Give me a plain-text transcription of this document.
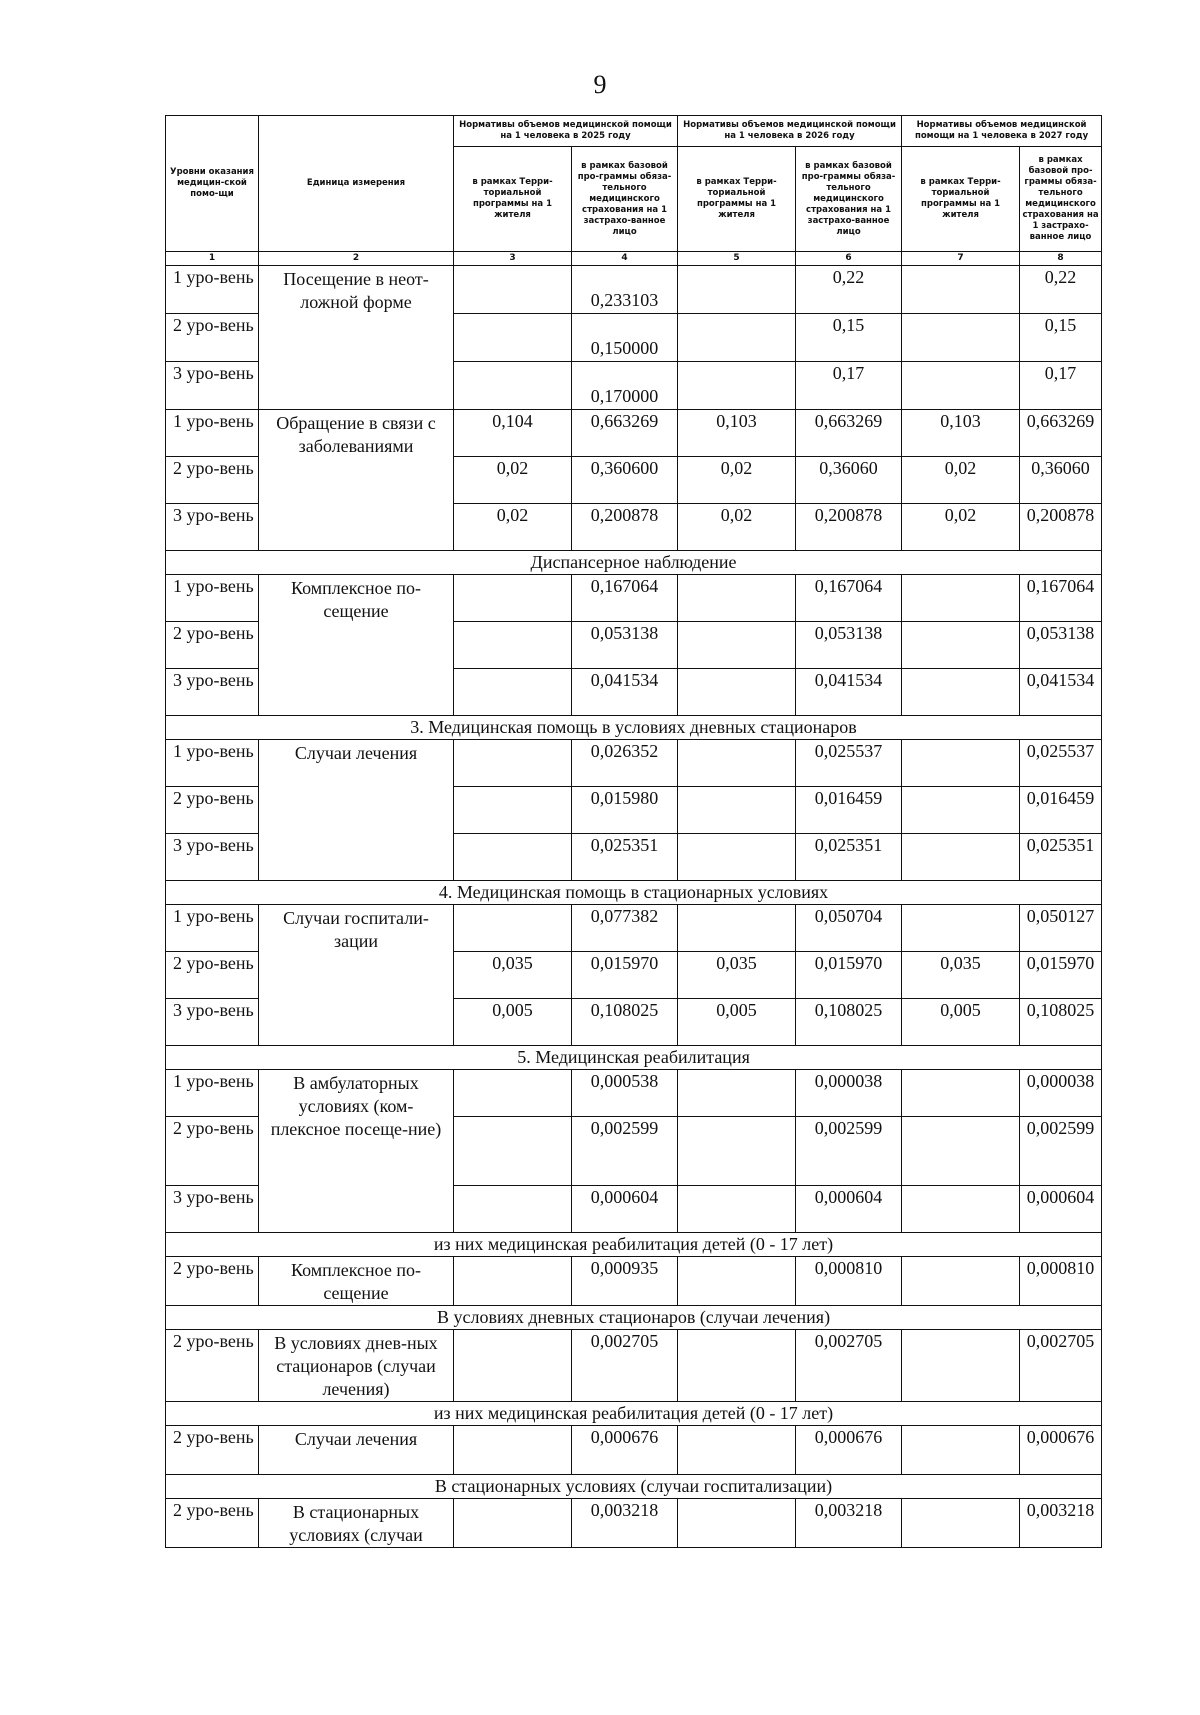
9
Уровни оказания медицин-ской помо-щи	Единица измерения	Нормативы объемов медицинской помощи на 1 человека в 2025 году		Нормативы объемов медицинской помощи на 1 человека в 2026 году		Нормативы объемов медицинской помощи на 1 человека в 2027 году	
		в рамках Терри-ториальной программы на 1 жителя	в рамках базовой про-граммы обяза-тельного медицинского страхования на 1 застрахо-ванное лицо	в рамках Терри-ториальной программы на 1 жителя	в рамках базовой про-граммы обяза-тельного медицинского страхования на 1 застрахо-ванное лицо	в рамках Терри-ториальной программы на 1 жителя	в рамках базовой про-граммы обяза-тельного медицинского страхования на 1 застрахо-ванное лицо
1	2	3	4	5	6	7	8
1 уро-вень	Посещение в неот-ложной форме		0,233103		0,22		0,22
2 уро-вень			0,150000		0,15		0,15
3 уро-вень			0,170000		0,17		0,17
1 уро-вень	Обращение в связи с заболеваниями	0,104	0,663269	0,103	0,663269	0,103	0,663269
2 уро-вень		0,02	0,360600	0,02	0,36060	0,02	0,36060
3 уро-вень		0,02	0,200878	0,02	0,200878	0,02	0,200878
Диспансерное наблюдение							
1 уро-вень	Комплексное по-сещение		0,167064		0,167064		0,167064
2 уро-вень			0,053138		0,053138		0,053138
3 уро-вень			0,041534		0,041534		0,041534
3. Медицинская помощь в условиях дневных стационаров							
1 уро-вень	Случаи лечения		0,026352		0,025537		0,025537
2 уро-вень			0,015980		0,016459		0,016459
3 уро-вень			0,025351		0,025351		0,025351
4. Медицинская помощь в стационарных условиях							
1 уро-вень	Случаи госпитали-зации		0,077382		0,050704		0,050127
2 уро-вень		0,035	0,015970	0,035	0,015970	0,035	0,015970
3 уро-вень		0,005	0,108025	0,005	0,108025	0,005	0,108025
5. Медицинская реабилитация							
1 уро-вень	В амбулаторных условиях (ком-плексное посеще-ние)		0,000538		0,000038		0,000038
2 уро-вень			0,002599		0,002599		0,002599
3 уро-вень			0,000604		0,000604		0,000604
из них медицинская реабилитация детей (0 - 17 лет)							
2 уро-вень	Комплексное по-сещение		0,000935		0,000810		0,000810
В условиях дневных стационаров (случаи лечения)							
2 уро-вень	В условиях днев-ных стационаров (случаи лечения)		0,002705		0,002705		0,002705
из них медицинская реабилитация детей (0 - 17 лет)							
2 уро-вень	Случаи лечения		0,000676		0,000676		0,000676
В стационарных условиях (случаи госпитализации)							
2 уро-вень	В стационарных условиях (случаи		0,003218		0,003218		0,003218
